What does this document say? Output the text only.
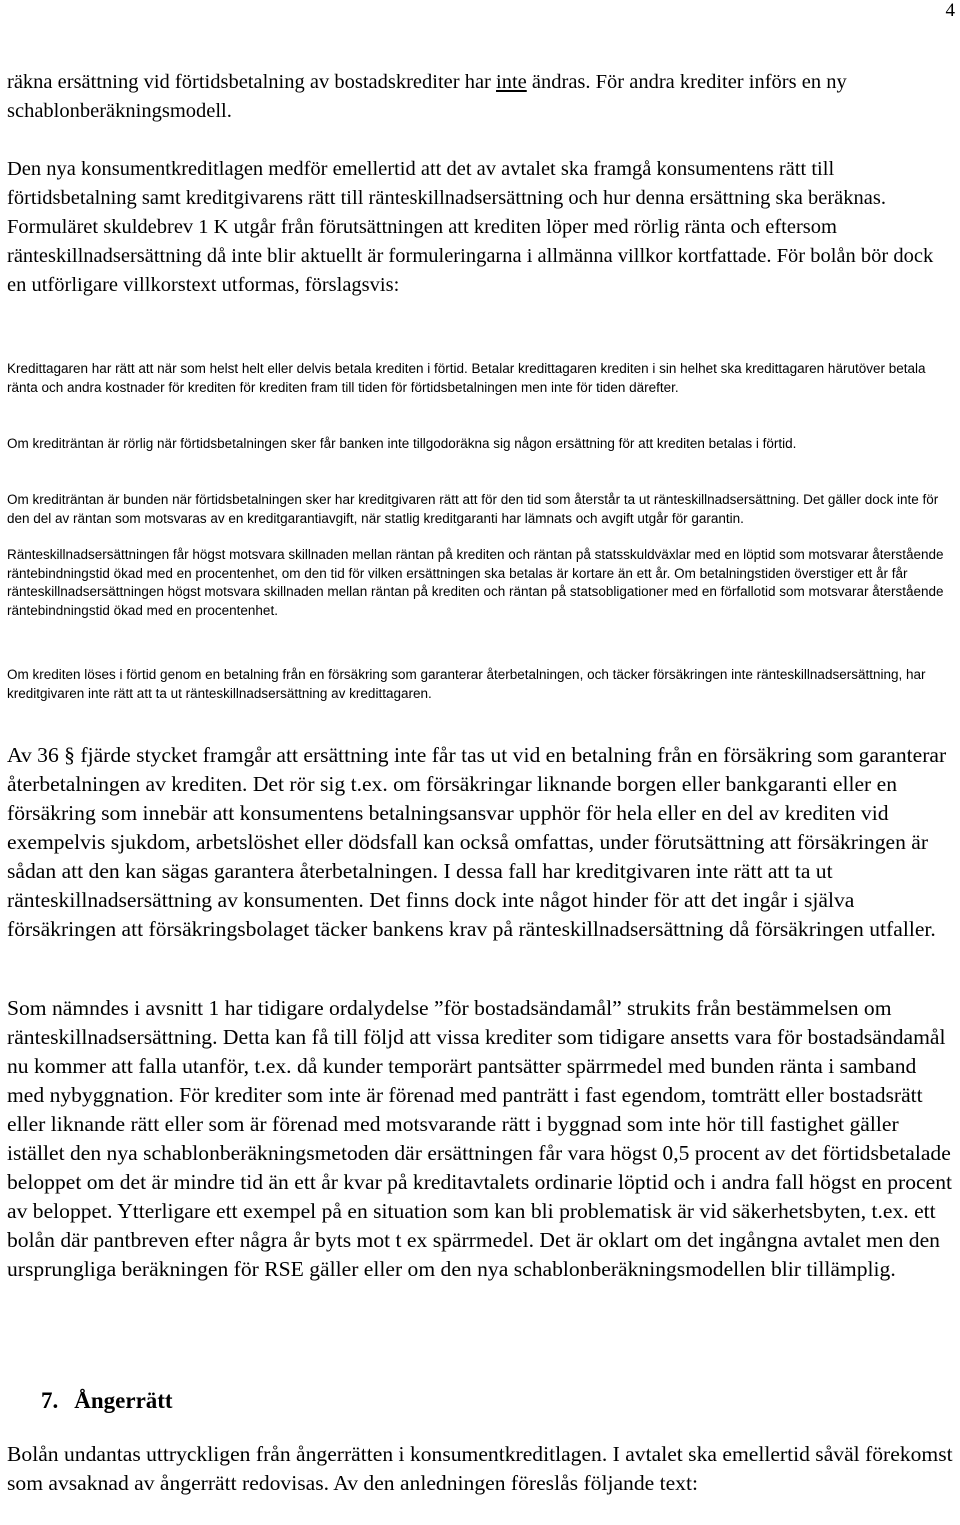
4

räkna ersättning vid förtidsbetalning av bostadskrediter har inte ändras. För andra krediter införs en ny schablonberäkningsmodell.

Den nya konsumentkreditlagen medför emellertid att det av avtalet ska framgå konsumentens rätt till förtidsbetalning samt kreditgivarens rätt till ränteskillnadsersättning och hur denna ersättning ska beräknas. Formuläret skuldebrev 1 K utgår från förutsättningen att krediten löper med rörlig ränta och eftersom ränteskillnadsersättning då inte blir aktuellt är formuleringarna i allmänna villkor kortfattade. För bolån bör dock en utförligare villkorstext utformas, förslagsvis:

Kredittagaren har rätt att när som helst helt eller delvis betala krediten i förtid. Betalar kredittagaren krediten i sin helhet ska kredittagaren härutöver betala ränta och andra kostnader för krediten för krediten fram till tiden för förtidsbetalningen men inte för tiden därefter.

Om krediträntan är rörlig när förtidsbetalningen sker får banken inte tillgodoräkna sig någon ersättning för att krediten betalas i förtid.

Om krediträntan är bunden när förtidsbetalningen sker har kreditgivaren rätt att för den tid som återstår ta ut ränteskillnadsersättning. Det gäller dock inte för den del av räntan som motsvaras av en kreditgarantiavgift, när statlig kreditgaranti har lämnats och avgift utgår för garantin.

Ränteskillnadsersättningen får högst motsvara skillnaden mellan räntan på krediten och räntan på statsskuldväxlar med en löptid som motsvarar återstående räntebindningstid ökad med en procentenhet, om den tid för vilken ersättningen ska betalas är kortare än ett år. Om betalningstiden överstiger ett år får ränteskillnadsersättningen högst motsvara skillnaden mellan räntan på krediten och räntan på statsobligationer med en förfallotid som motsvarar återstående räntebindningstid ökad med en procentenhet.

Om krediten löses i förtid genom en betalning från en försäkring som garanterar återbetalningen, och täcker försäkringen inte ränteskillnadsersättning, har kreditgivaren inte rätt att ta ut ränteskillnadsersättning av kredittagaren.

Av 36 § fjärde stycket framgår att ersättning inte får tas ut vid en betalning från en försäkring som garanterar återbetalningen av krediten. Det rör sig t.ex. om försäkringar liknande borgen eller bankgaranti eller en försäkring som innebär att konsumentens betalningsansvar upphör för hela eller en del av krediten vid exempelvis sjukdom, arbetslöshet eller dödsfall kan också omfattas, under förutsättning att försäkringen är sådan att den kan sägas garantera återbetalningen. I dessa fall har kreditgivaren inte rätt att ta ut ränteskillnadsersättning av konsumenten. Det finns dock inte något hinder för att det ingår i själva försäkringen att försäkringsbolaget täcker bankens krav på ränteskillnadsersättning då försäkringen utfaller.

Som nämndes i avsnitt 1 har tidigare ordalydelse ”för bostadsändamål” strukits från bestämmelsen om ränteskillnadsersättning. Detta kan få till följd att vissa krediter som tidigare ansetts vara för bostadsändamål nu kommer att falla utanför, t.ex. då kunder temporärt pantsätter spärrmedel med bunden ränta i samband med nybyggnation. För krediter som inte är förenad med panträtt i fast egendom, tomträtt eller bostadsrätt eller liknande rätt eller som är förenad med motsvarande rätt i byggnad som inte hör till fastighet gäller istället den nya schablonberäkningsmetoden där ersättningen får vara högst 0,5 procent av det förtidsbetalade beloppet om det är mindre tid än ett år kvar på kreditavtalets ordinarie löptid och i andra fall högst en procent av beloppet. Ytterligare ett exempel på en situation som kan bli problematisk är vid säkerhetsbyten, t.ex. ett bolån där pantbreven efter några år byts mot t ex spärrmedel. Det är oklart om det ingångna avtalet men den ursprungliga beräkningen för RSE gäller eller om den nya schablonberäkningsmodellen blir tillämplig.

7. Ångerrätt

Bolån undantas uttryckligen från ångerrätten i konsumentkreditlagen. I avtalet ska emellertid såväl förekomst som avsaknad av ångerrätt redovisas. Av den anledningen föreslås följande text:
